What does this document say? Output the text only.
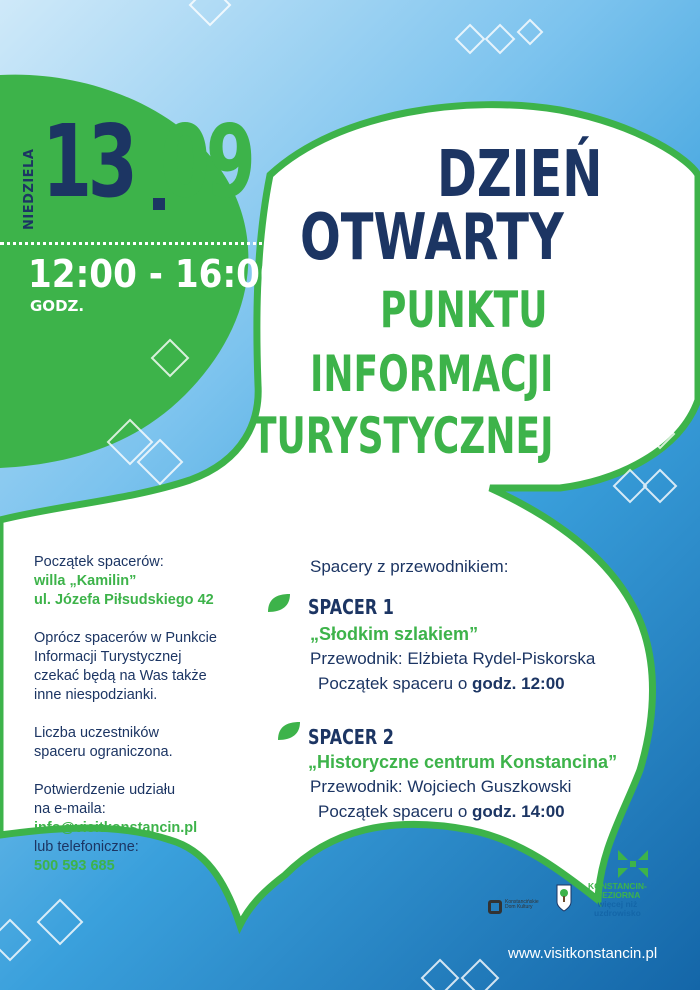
NIEDZIELA 13 09
12:00 - 16:00
GODZ.
DZIEŃ
OTWARTY
PUNKTU
INFORMACJI
TURYSTYCZNEJ

Początek spacerów:
willa „Kamilin”
ul. Józefa Piłsudskiego 42

Oprócz spacerów w Punkcie
Informacji Turystycznej
czekać będą na Was także
inne niespodzianki.

Liczba uczestników
spaceru ograniczona.

Potwierdzenie udziału
na e-maila:
info@visitkonstancin.pl
lub telefoniczne:
500 593 685

Spacery z przewodnikiem:
SPACER 1
„Słodkim szlakiem”
Przewodnik: Elżbieta Rydel-Piskorska
Początek spaceru o godz. 12:00
SPACER 2
„Historyczne centrum Konstancina”
Przewodnik: Wojciech Guszkowski
Początek spaceru o godz. 14:00
Konstancińskie Dom Kultury
KONSTANCIN-
-JEZIORNA
więcej niż
uzdrowisko
www.visitkonstancin.pl
